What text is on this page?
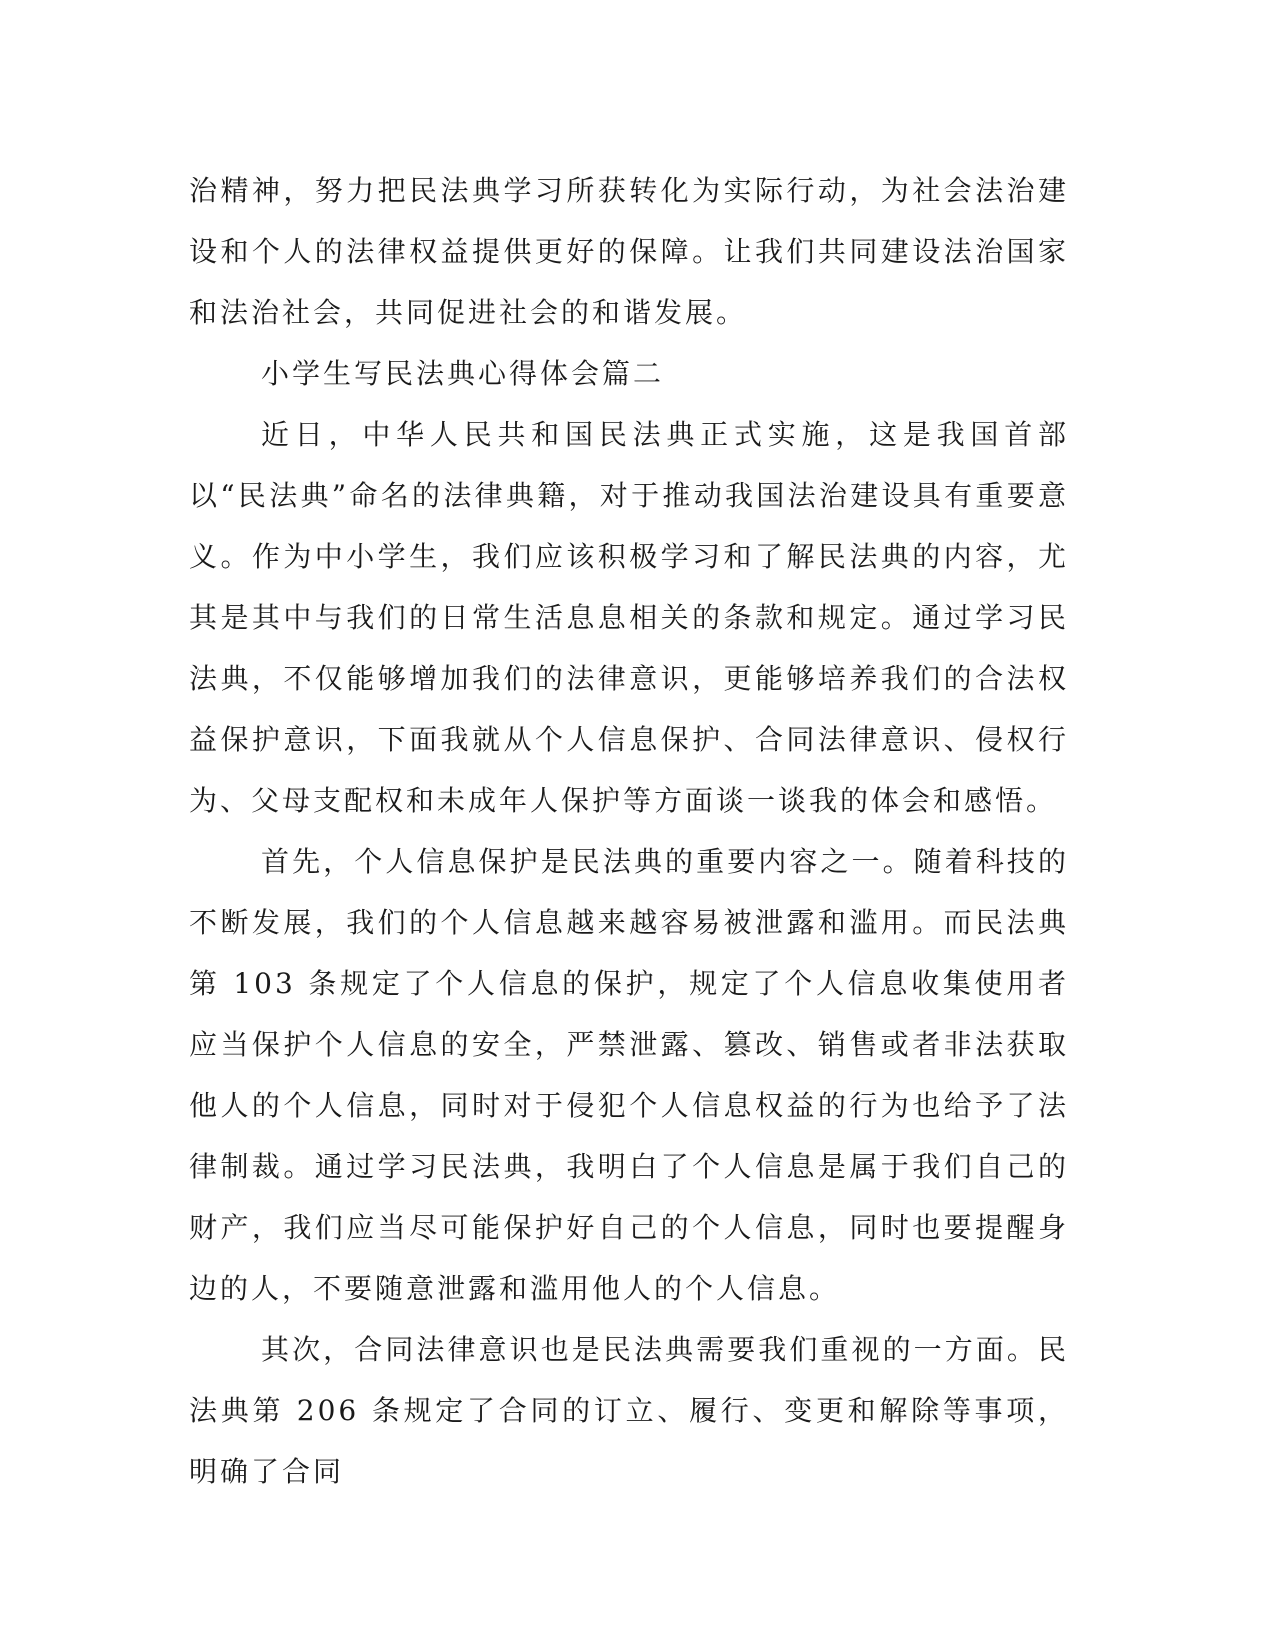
治精神，努力把民法典学习所获转化为实际行动，为社会法治建设和个人的法律权益提供更好的保障。让我们共同建设法治国家和法治社会，共同促进社会的和谐发展。

小学生写民法典心得体会篇二

近日，中华人民共和国民法典正式实施，这是我国首部以“民法典”命名的法律典籍，对于推动我国法治建设具有重要意义。作为中小学生，我们应该积极学习和了解民法典的内容，尤其是其中与我们的日常生活息息相关的条款和规定。通过学习民法典，不仅能够增加我们的法律意识，更能够培养我们的合法权益保护意识，下面我就从个人信息保护、合同法律意识、侵权行为、父母支配权和未成年人保护等方面谈一谈我的体会和感悟。

首先，个人信息保护是民法典的重要内容之一。随着科技的不断发展，我们的个人信息越来越容易被泄露和滥用。而民法典第 103 条规定了个人信息的保护，规定了个人信息收集使用者应当保护个人信息的安全，严禁泄露、篡改、销售或者非法获取他人的个人信息，同时对于侵犯个人信息权益的行为也给予了法律制裁。通过学习民法典，我明白了个人信息是属于我们自己的财产，我们应当尽可能保护好自己的个人信息，同时也要提醒身边的人，不要随意泄露和滥用他人的个人信息。

其次，合同法律意识也是民法典需要我们重视的一方面。民法典第 206 条规定了合同的订立、履行、变更和解除等事项，明确了合同
